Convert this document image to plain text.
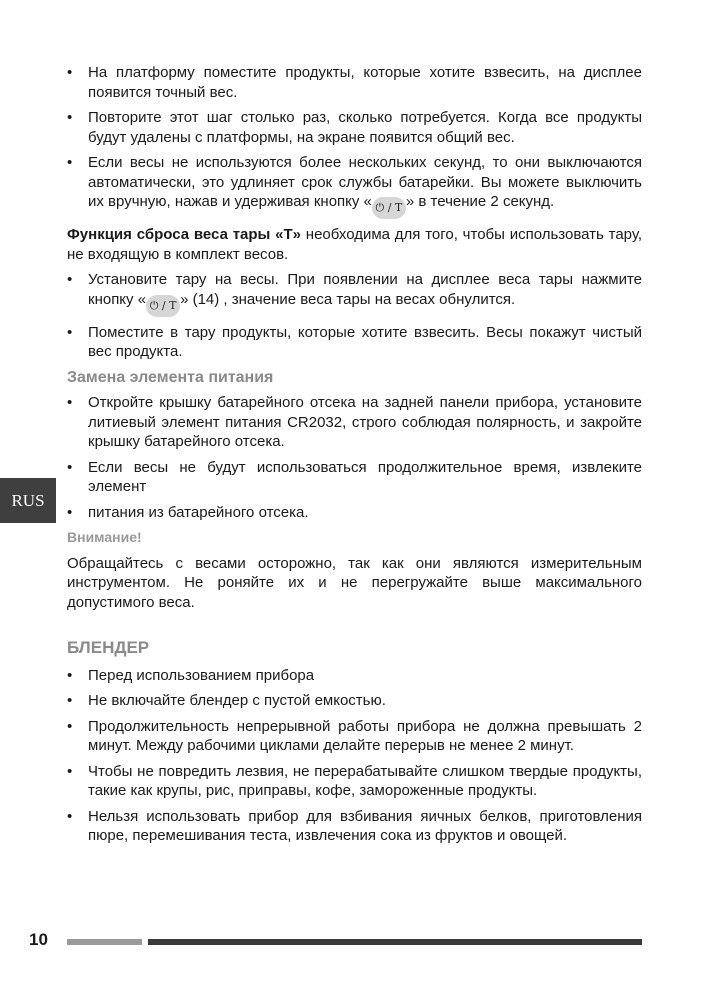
RUS
• На платформу поместите продукты, которые хотите взвесить, на дисплее появится точный вес.
• Повторите этот шаг столько раз, сколько потребуется. Когда все продукты будут удалены с платформы, на экране появится общий вес.
• Если весы не используются более нескольких секунд, то они выключаются автоматически, это удлиняет срок службы батарейки. Вы можете выключить их вручную, нажав и удерживая кнопку « ⏻ / T » в течение 2 секунд.

Функция сброса веса тары «Т» необходима для того, чтобы использовать тару, не входящую в комплект весов.

• Установите тару на весы. При появлении на дисплее веса тары нажмите кнопку « ⏻ / T » (14) , значение веса тары на весах обнулится.
• Поместите в тару продукты, которые хотите взвесить. Весы покажут чистый вес продукта.
Замена элемента питания
• Откройте крышку батарейного отсека на задней панели прибора, установите литиевый элемент питания CR2032, строго соблюдая полярность, и закройте крышку батарейного отсека.
• Если весы не будут использоваться продолжительное время, извлеките элемент
• питания из батарейного отсека.
Внимание!

Обращайтесь с весами осторожно, так как они являются измерительным инструментом. Не роняйте их и не перегружайте выше максимального допустимого веса.

БЛЕНДЕР
• Перед использованием прибора
• Не включайте блендер с пустой емкостью.
• Продолжительность непрерывной работы прибора не должна превышать 2 минут. Между рабочими циклами делайте перерыв не менее 2 минут.
• Чтобы не повредить лезвия, не перерабатывайте слишком твердые продукты, такие как крупы, рис, приправы, кофе, замороженные продукты.
• Нельзя использовать прибор для взбивания яичных белков, приготовления пюре, перемешивания теста, извлечения сока из фруктов и овощей.
10
